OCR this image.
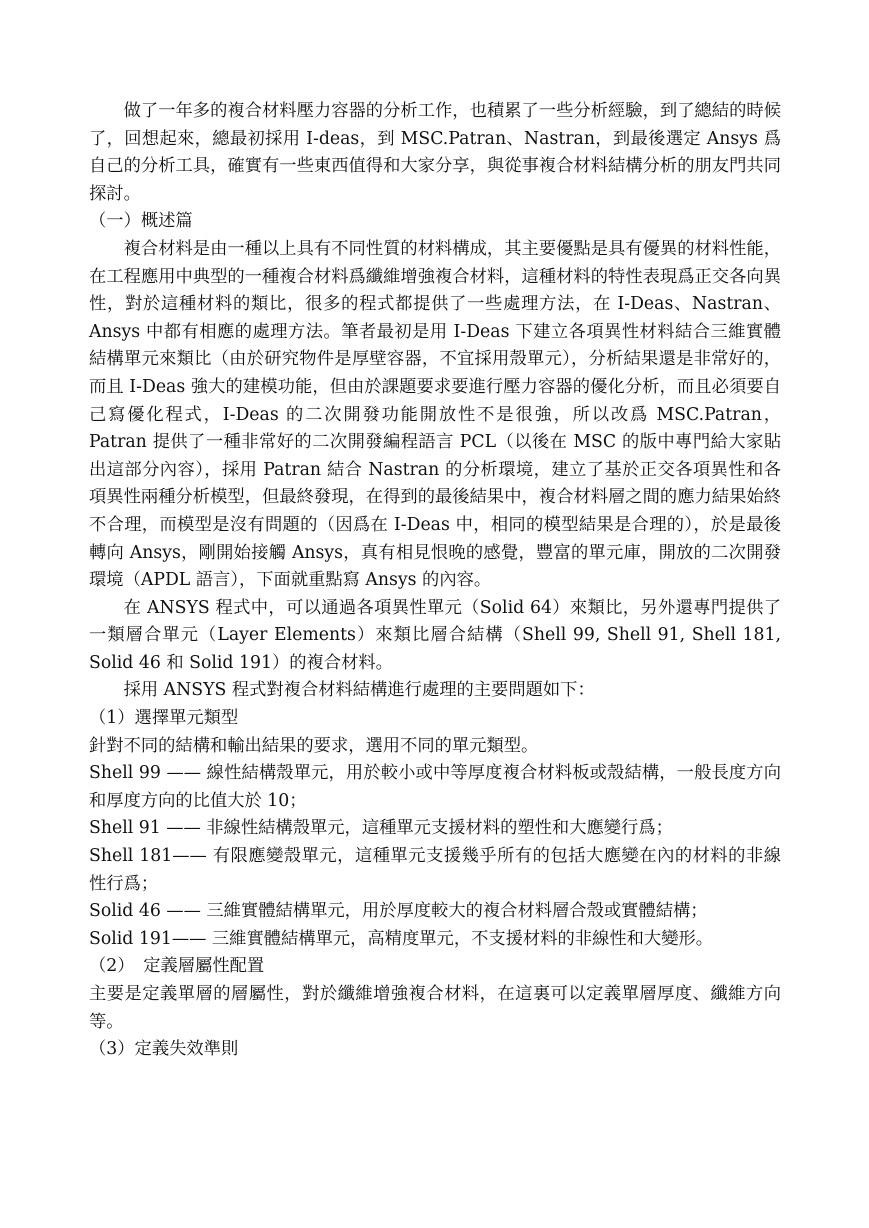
做了一年多的複合材料壓力容器的分析工作，也積累了一些分析經驗，到了總結的時候了，回想起來，總最初採用 I-deas，到 MSC.Patran、Nastran，到最後選定 Ansys 爲自己的分析工具，確實有一些東西值得和大家分享，與從事複合材料結構分析的朋友門共同探討。

（一）概述篇

複合材料是由一種以上具有不同性質的材料構成，其主要優點是具有優異的材料性能，在工程應用中典型的一種複合材料爲纖維增強複合材料，這種材料的特性表現爲正交各向異性，對於這種材料的類比，很多的程式都提供了一些處理方法，在 I-Deas、Nastran、Ansys 中都有相應的處理方法。筆者最初是用 I-Deas 下建立各項異性材料結合三維實體結構單元來類比（由於研究物件是厚壁容器，不宜採用殼單元），分析結果還是非常好的，而且 I-Deas 強大的建模功能，但由於課題要求要進行壓力容器的優化分析，而且必須要自己寫優化程式，I-Deas 的二次開發功能開放性不是很強，所以改爲 MSC.Patran，Patran 提供了一種非常好的二次開發編程語言 PCL（以後在 MSC 的版中專門給大家貼出這部分內容），採用 Patran 結合 Nastran 的分析環境，建立了基於正交各項異性和各項異性兩種分析模型，但最終發現，在得到的最後結果中，複合材料層之間的應力結果始終不合理，而模型是沒有問題的（因爲在 I-Deas 中，相同的模型結果是合理的），於是最後轉向 Ansys，剛開始接觸 Ansys，真有相見恨晚的感覺，豐富的單元庫，開放的二次開發環境（APDL 語言），下面就重點寫 Ansys 的內容。

在 ANSYS 程式中，可以通過各項異性單元（Solid 64）來類比，另外還專門提供了一類層合單元（Layer Elements）來類比層合結構（Shell 99, Shell 91, Shell 181, Solid 46 和 Solid 191）的複合材料。

採用 ANSYS 程式對複合材料結構進行處理的主要問題如下：

（1）選擇單元類型

針對不同的結構和輸出結果的要求，選用不同的單元類型。

Shell 99 —— 線性結構殼單元，用於較小或中等厚度複合材料板或殼結構，一般長度方向和厚度方向的比值大於 10；

Shell 91 —— 非線性結構殼單元，這種單元支援材料的塑性和大應變行爲；

Shell 181—— 有限應變殼單元，這種單元支援幾乎所有的包括大應變在內的材料的非線性行爲；

Solid 46 —— 三維實體結構單元，用於厚度較大的複合材料層合殼或實體結構；

Solid 191—— 三維實體結構單元，高精度單元，不支援材料的非線性和大變形。

（2）　定義層屬性配置

主要是定義單層的層屬性，對於纖維增強複合材料，在這裏可以定義單層厚度、纖維方向等。

（3）定義失效準則
